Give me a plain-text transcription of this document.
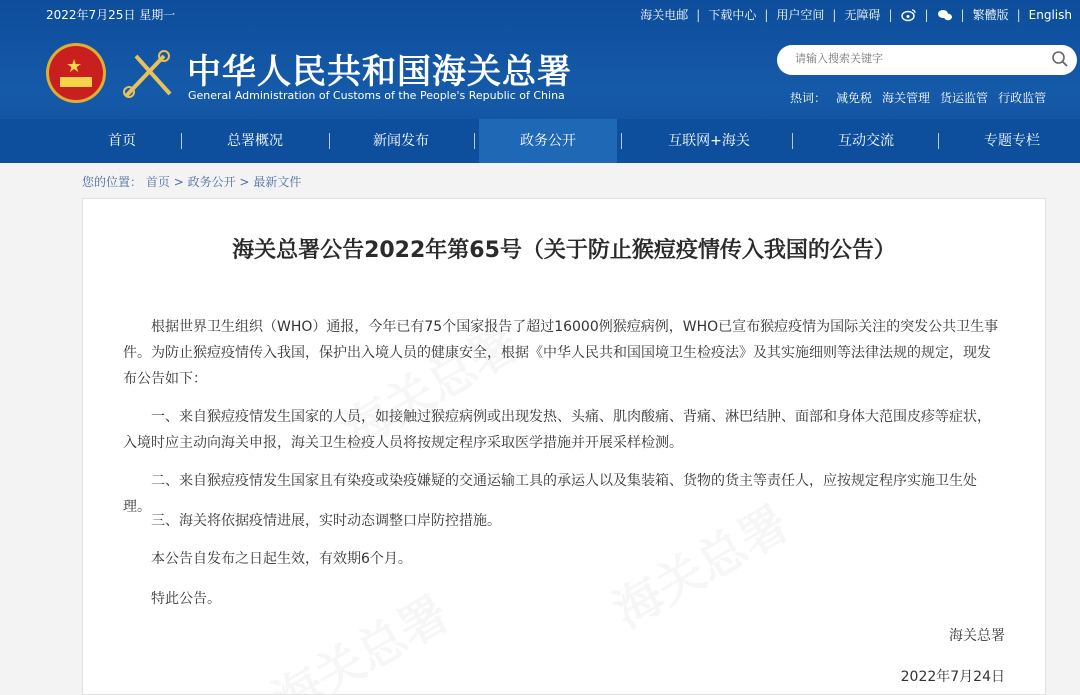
2022年7月25日 星期一	海关电邮 | 下载中心 | 用户空间 | 无障碍 |	|	| 繁體版 | English
★	中华人民共和国海关总署
General Administration of Customs of the People's Republic of China
请输入搜索关键字	热词： 减免税 海关管理 货运监管 行政监管
首页	总署概况	新闻发布	政务公开	互联网+海关	互动交流	专题专栏
您的位置： 首页 > 政务公开 > 最新文件
海关总署公告2022年第65号（关于防止猴痘疫情传入我国的公告）
根据世界卫生组织（WHO）通报，今年已有75个国家报告了超过16000例猴痘病例，WHO已宣布猴痘疫情为国际关注的突发公共卫生事件。为防止猴痘疫情传入我国，保护出入境人员的健康安全，根据《中华人民共和国国境卫生检疫法》及其实施细则等法律法规的规定，现发布公告如下：
一、来自猴痘疫情发生国家的人员，如接触过猴痘病例或出现发热、头痛、肌肉酸痛、背痛、淋巴结肿、面部和身体大范围皮疹等症状，入境时应主动向海关申报，海关卫生检疫人员将按规定程序采取医学措施并开展采样检测。
二、来自猴痘疫情发生国家且有染疫或染疫嫌疑的交通运输工具的承运人以及集装箱、货物的货主等责任人，应按规定程序实施卫生处理。
三、海关将依据疫情进展，实时动态调整口岸防控措施。
本公告自发布之日起生效，有效期6个月。
特此公告。
海关总署
2022年7月24日
